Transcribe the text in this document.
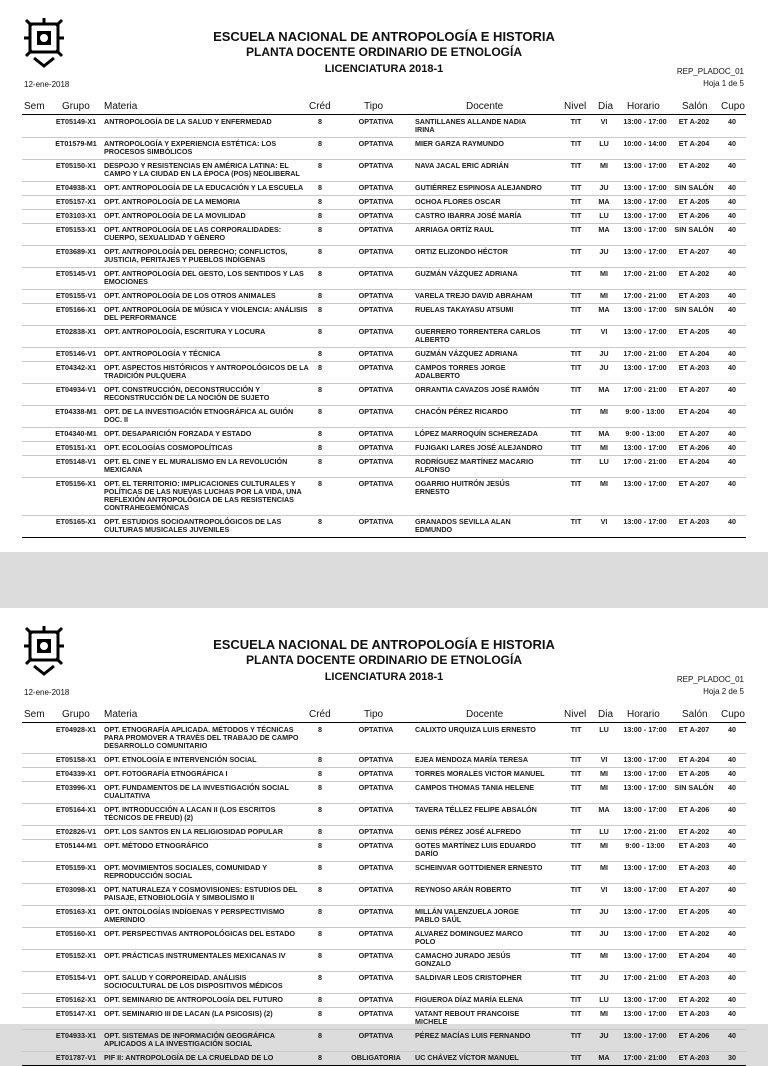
ESCUELA NACIONAL DE ANTROPOLOGÍA E HISTORIA
PLANTA DOCENTE ORDINARIO DE ETNOLOGÍA
LICENCIATURA 2018-1
12-ene-2018
REP_PLADOC_01
Hoja 1 de 5
Sem Grupo Materia	Créd	Tipo	Docente	Nivel Dia Horario Salón Cupo
ET05149-X1	ANTROPOLOGÍA DE LA SALUD Y ENFERMEDAD	8	OPTATIVA	SANTILLANES ALLANDE NADIA IRINA
TIT	VI	13:00 - 17:00	ET A-202	40
ET01579-M1	ANTROPOLOGÍA Y EXPERIENCIA ESTÉTICA: LOS PROCESOS SIMBÓLICOS
8	OPTATIVA	MIER GARZA RAYMUNDO	TIT	LU	10:00 - 14:00	ET A-204	40
ET05150-X1	DESPOJO Y RESISTENCIAS EN AMÉRICA LATINA: EL CAMPO Y LA CIUDAD EN LA ÉPOCA (POS) NEOLIBERAL
8	OPTATIVA	NAVA JACAL ERIC ADRIÁN	TIT	MI	13:00 - 17:00	ET A-202	40
ET04938-X1	OPT. ANTROPOLOGÍA DE LA EDUCACIÓN Y LA ESCUELA	8	OPTATIVA	GUTIÉRREZ ESPINOSA ALEJANDRO	TIT	JU	13:00 - 17:00	SIN SALÓN	40
ET05157-X1	OPT. ANTROPOLOGÍA DE LA MEMORIA	8	OPTATIVA	OCHOA FLORES OSCAR	TIT	MA	13:00 - 17:00	ET A-205	40
ET03103-X1	OPT. ANTROPOLOGÍA DE LA MOVILIDAD	8	OPTATIVA	CASTRO IBARRA JOSÉ MARÍA	TIT	LU	13:00 - 17:00	ET A-206	40
ET05153-X1	OPT. ANTROPOLOGÍA DE LAS CORPORALIDADES: CUERPO, SEXUALIDAD Y GÉNERO
8	OPTATIVA	ARRIAGA ORTÍZ RAUL	TIT	MA	13:00 - 17:00	SIN SALÓN	40
ET03689-X1	OPT. ANTROPOLOGÍA DEL DERECHO; CONFLICTOS, JUSTICIA, PERITAJES Y PUEBLOS INDÍGENAS
8	OPTATIVA	ORTIZ ELIZONDO HÉCTOR	TIT	JU	13:00 - 17:00	ET A-207	40
ET05145-V1	OPT. ANTROPOLOGÍA DEL GESTO, LOS SENTIDOS Y LAS EMOCIONES
8	OPTATIVA	GUZMÁN VÁZQUEZ ADRIANA	TIT	MI	17:00 - 21:00	ET A-202	40
ET05155-V1	OPT. ANTROPOLOGÍA DE LOS OTROS ANIMALES	8	OPTATIVA	VARELA TREJO DAVID ABRAHAM	TIT	MI	17:00 - 21:00	ET A-203	40
ET05166-X1	OPT. ANTROPOLOGÍA DE MÚSICA Y VIOLENCIA: ANÁLISIS DEL PERFORMANCE
8	OPTATIVA	RUELAS TAKAYASU ATSUMI	TIT	MA	13:00 - 17:00	SIN SALÓN	40
ET02838-X1	OPT. ANTROPOLOGÍA, ESCRITURA Y LOCURA	8	OPTATIVA	GUERRERO TORRENTERA CARLOS ALBERTO
TIT	VI	13:00 - 17:00	ET A-205	40
ET05146-V1	OPT. ANTROPOLOGÍA Y TÉCNICA	8	OPTATIVA	GUZMÁN VÁZQUEZ ADRIANA	TIT	JU	17:00 - 21:00	ET A-204	40
ET04342-X1	OPT. ASPECTOS HISTÓRICOS Y ANTROPOLÓGICOS DE LA TRADICIÓN PULQUERA
8	OPTATIVA	CAMPOS TORRES JORGE ADALBERTO
TIT	JU	13:00 - 17:00	ET A-203	40
ET04934-V1	OPT. CONSTRUCCIÓN, DECONSTRUCCIÓN Y RECONSTRUCCIÓN DE LA NOCIÓN DE SUJETO
8	OPTATIVA	ORRANTIA CAVAZOS JOSÉ RAMÓN	TIT	MA	17:00 - 21:00	ET A-207	40
ET04338-M1	OPT. DE LA INVESTIGACIÓN ETNOGRÁFICA AL GUIÓN DOC. II
8	OPTATIVA	CHACÓN PÉREZ RICARDO	TIT	MI	9:00 - 13:00	ET A-204	40
ET04340-M1	OPT. DESAPARICIÓN FORZADA Y ESTADO	8	OPTATIVA	LÓPEZ MARROQUÍN SCHEREZADA	TIT	MA	9:00 - 13:00	ET A-207	40
ET05151-X1	OPT. ECOLOGÍAS COSMOPOLÍTICAS	8	OPTATIVA	FUJIGAKI LARES JOSÉ ALEJANDRO	TIT	MI	13:00 - 17:00	ET A-206	40
ET05148-V1	OPT. EL CINE Y EL MURALISMO EN LA REVOLUCIÓN MEXICANA
8	OPTATIVA	RODRÍGUEZ MARTÍNEZ MACARIO ALFONSO
TIT	LU	17:00 - 21:00	ET A-204	40
ET05156-X1	OPT. EL TERRITORIO: IMPLICACIONES CULTURALES Y POLÍTICAS DE LAS NUEVAS LUCHAS POR LA VIDA, UNA REFLEXIÓN ANTROPOLÓGICA DE LAS RESISTENCIAS CONTRAHEGEMÓNICAS
8	OPTATIVA	OGARRIO HUITRÓN JESÚS ERNESTO
TIT	MI	13:00 - 17:00	ET A-207	40
ET05165-X1	OPT. ESTUDIOS SOCIOANTROPOLÓGICOS DE LAS CULTURAS MUSICALES JUVENILES
8	OPTATIVA	GRANADOS SEVILLA ALAN EDMUNDO
TIT	VI	13:00 - 17:00	ET A-203	40
ESCUELA NACIONAL DE ANTROPOLOGÍA E HISTORIA
PLANTA DOCENTE ORDINARIO DE ETNOLOGÍA
LICENCIATURA 2018-1
12-ene-2018
REP_PLADOC_01
Hoja 2 de 5
Sem Grupo Materia	Créd	Tipo	Docente	Nivel Dia Horario Salón Cupo
ET04928-X1	OPT. ETNOGRAFÍA APLICADA. MÉTODOS Y TÉCNICAS PARA PROMOVER A TRAVÉS DEL TRABAJO DE CAMPO DESARROLLO COMUNITARIO
8	OPTATIVA	CALIXTO URQUIZA LUIS ERNESTO	TIT	LU	13:00 - 17:00	ET A-207	40
ET05158-X1	OPT. ETNOLOGÍA E INTERVENCIÓN SOCIAL	8	OPTATIVA	EJEA MENDOZA MARÍA TERESA	TIT	VI	13:00 - 17:00	ET A-204	40
ET04339-X1	OPT. FOTOGRAFÍA ETNOGRÁFICA I	8	OPTATIVA	TORRES MORALES VICTOR MANUEL	TIT	MI	13:00 - 17:00	ET A-205	40
ET03996-X1	OPT. FUNDAMENTOS DE LA INVESTIGACIÓN SOCIAL CUALITATIVA
8	OPTATIVA	CAMPOS THOMAS TANIA HELENE	TIT	MI	13:00 - 17:00	SIN SALÓN	40
ET05164-X1	OPT. INTRODUCCIÓN A LACAN II (LOS ESCRITOS TÉCNICOS DE FREUD) (2)
8	OPTATIVA	TAVERA TÉLLEZ FELIPE ABSALÓN	TIT	MA	13:00 - 17:00	ET A-206	40
ET02826-V1	OPT. LOS SANTOS EN LA RELIGIOSIDAD POPULAR	8	OPTATIVA	GENIS PÉREZ JOSÉ ALFREDO	TIT	LU	17:00 - 21:00	ET A-202	40
ET05144-M1	OPT. MÉTODO ETNOGRÁFICO	8	OPTATIVA	GOTES MARTÍNEZ LUIS EDUARDO DARÍO
TIT	MI	9:00 - 13:00	ET A-203	40
ET05159-X1	OPT. MOVIMIENTOS SOCIALES, COMUNIDAD Y REPRODUCCIÓN SOCIAL
8	OPTATIVA	SCHEINVAR GOTTDIENER ERNESTO	TIT	MI	13:00 - 17:00	ET A-203	40
ET03098-X1	OPT. NATURALEZA Y COSMOVISIONES: ESTUDIOS DEL PAISAJE, ETNOBIOLOGÍA Y SIMBOLISMO II
8	OPTATIVA	REYNOSO ARÁN ROBERTO	TIT	VI	13:00 - 17:00	ET A-207	40
ET05163-X1	OPT. ONTOLOGÍAS INDÍGENAS Y PERSPECTIVISMO AMERINDIO
8	OPTATIVA	MILLÁN VALENZUELA JORGE PABLO SAÚL
TIT	JU	13:00 - 17:00	ET A-205	40
ET05160-X1	OPT. PERSPECTIVAS ANTROPOLÓGICAS DEL ESTADO	8	OPTATIVA	ALVAREZ DOMINGUEZ MARCO POLO
TIT	JU	13:00 - 17:00	ET A-202	40
ET05152-X1	OPT. PRÁCTICAS INSTRUMENTALES MEXICANAS IV	8	OPTATIVA	CAMACHO JURADO JESÚS GONZALO
TIT	MI	13:00 - 17:00	ET A-204	40
ET05154-V1	OPT. SALUD Y CORPOREIDAD. ANÁLISIS SOCIOCULTURAL DE LOS DISPOSITIVOS MÉDICOS
8	OPTATIVA	SALDIVAR LEOS CRISTOPHER	TIT	JU	17:00 - 21:00	ET A-203	40
ET05162-X1	OPT. SEMINARIO DE ANTROPOLOGÍA DEL FUTURO	8	OPTATIVA	FIGUEROA DÍAZ MARÍA ELENA	TIT	LU	13:00 - 17:00	ET A-202	40
ET05147-X1	OPT. SEMINARIO III DE LACAN (LA PSICOSIS) (2)	8	OPTATIVA	VATANT REBOUT FRANCOISE MICHELE
TIT	MI	13:00 - 17:00	ET A-203	40
ET04933-X1	OPT. SISTEMAS DE INFORMACIÓN GEOGRÁFICA APLICADOS A LA INVESTIGACIÓN SOCIAL
8	OPTATIVA	PÉREZ MACÍAS LUIS FERNANDO	TIT	JU	13:00 - 17:00	ET A-206	40
ET01787-V1	PIF II: ANTROPOLOGÍA DE LA CRUELDAD DE LO	8	OBLIGATORIA	UC CHÁVEZ VÍCTOR MANUEL	TIT	MA	17:00 - 21:00	ET A-203	30
